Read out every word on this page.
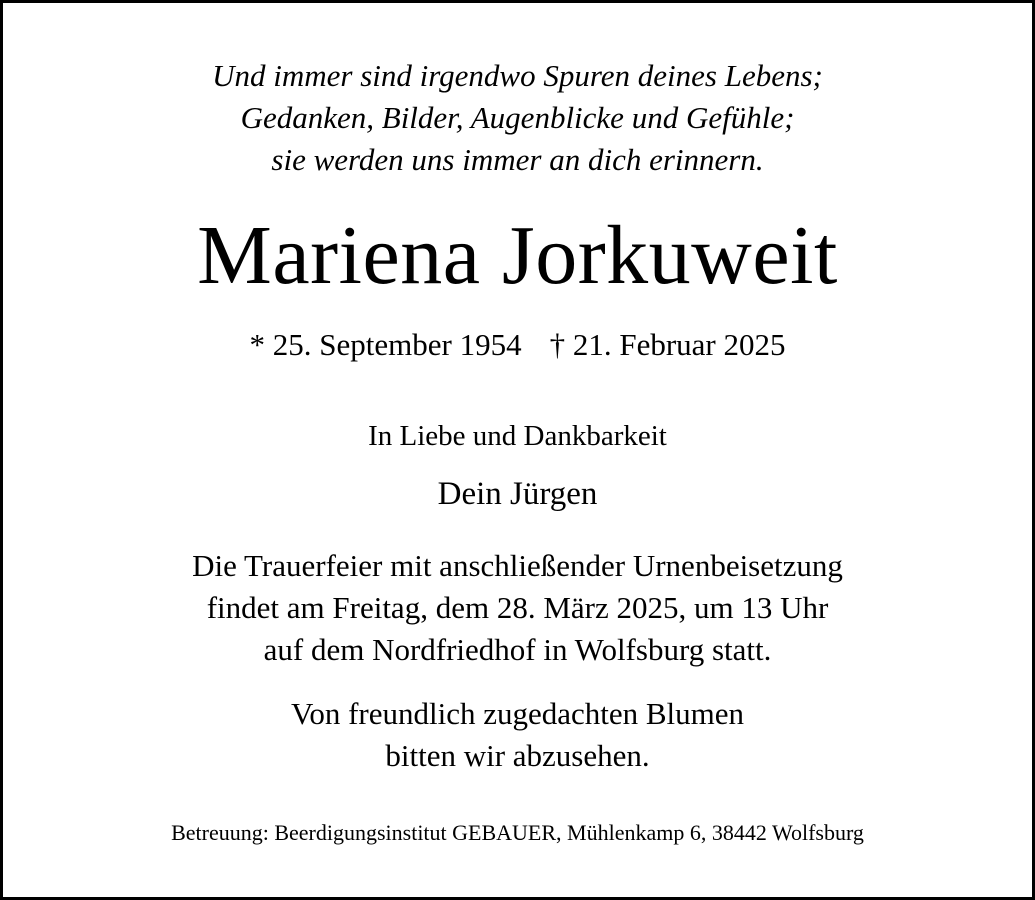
Und immer sind irgendwo Spuren deines Lebens;
Gedanken, Bilder, Augenblicke und Gefühle;
sie werden uns immer an dich erinnern.
Mariena Jorkuweit
* 25. September 1954 † 21. Februar 2025
In Liebe und Dankbarkeit
Dein Jürgen
Die Trauerfeier mit anschließender Urnenbeisetzung
findet am Freitag, dem 28. März 2025, um 13 Uhr
auf dem Nordfriedhof in Wolfsburg statt.
Von freundlich zugedachten Blumen
bitten wir abzusehen.
Betreuung: Beerdigungsinstitut GEBAUER, Mühlenkamp 6, 38442 Wolfsburg
